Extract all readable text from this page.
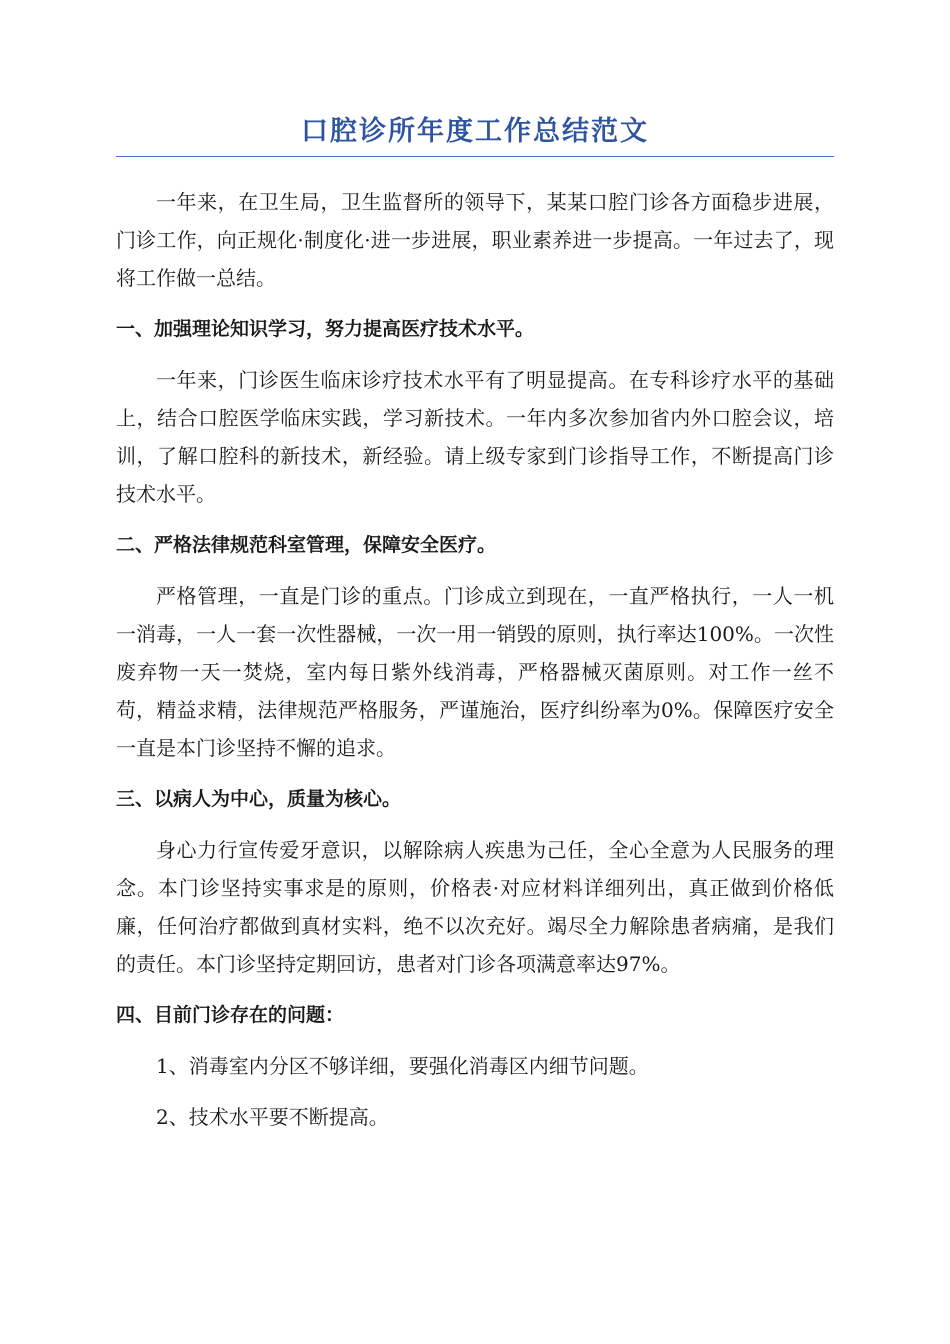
口腔诊所年度工作总结范文

一年来，在卫生局，卫生监督所的领导下，某某口腔门诊各方面稳步进展，门诊工作，向正规化·制度化·进一步进展，职业素养进一步提高。一年过去了，现将工作做一总结。

一、加强理论知识学习，努力提高医疗技术水平。

一年来，门诊医生临床诊疗技术水平有了明显提高。在专科诊疗水平的基础上，结合口腔医学临床实践，学习新技术。一年内多次参加省内外口腔会议，培训，了解口腔科的新技术，新经验。请上级专家到门诊指导工作，不断提高门诊技术水平。

二、严格法律规范科室管理，保障安全医疗。

严格管理，一直是门诊的重点。门诊成立到现在，一直严格执行，一人一机一消毒，一人一套一次性器械，一次一用一销毁的原则，执行率达100%。一次性废弃物一天一焚烧，室内每日紫外线消毒，严格器械灭菌原则。对工作一丝不苟，精益求精，法律规范严格服务，严谨施治，医疗纠纷率为0%。保障医疗安全一直是本门诊坚持不懈的追求。

三、以病人为中心，质量为核心。

身心力行宣传爱牙意识，以解除病人疾患为己任，全心全意为人民服务的理念。本门诊坚持实事求是的原则，价格表·对应材料详细列出，真正做到价格低廉，任何治疗都做到真材实料，绝不以次充好。竭尽全力解除患者病痛，是我们的责任。本门诊坚持定期回访，患者对门诊各项满意率达97%。

四、目前门诊存在的问题：

1、消毒室内分区不够详细，要强化消毒区内细节问题。

2、技术水平要不断提高。
